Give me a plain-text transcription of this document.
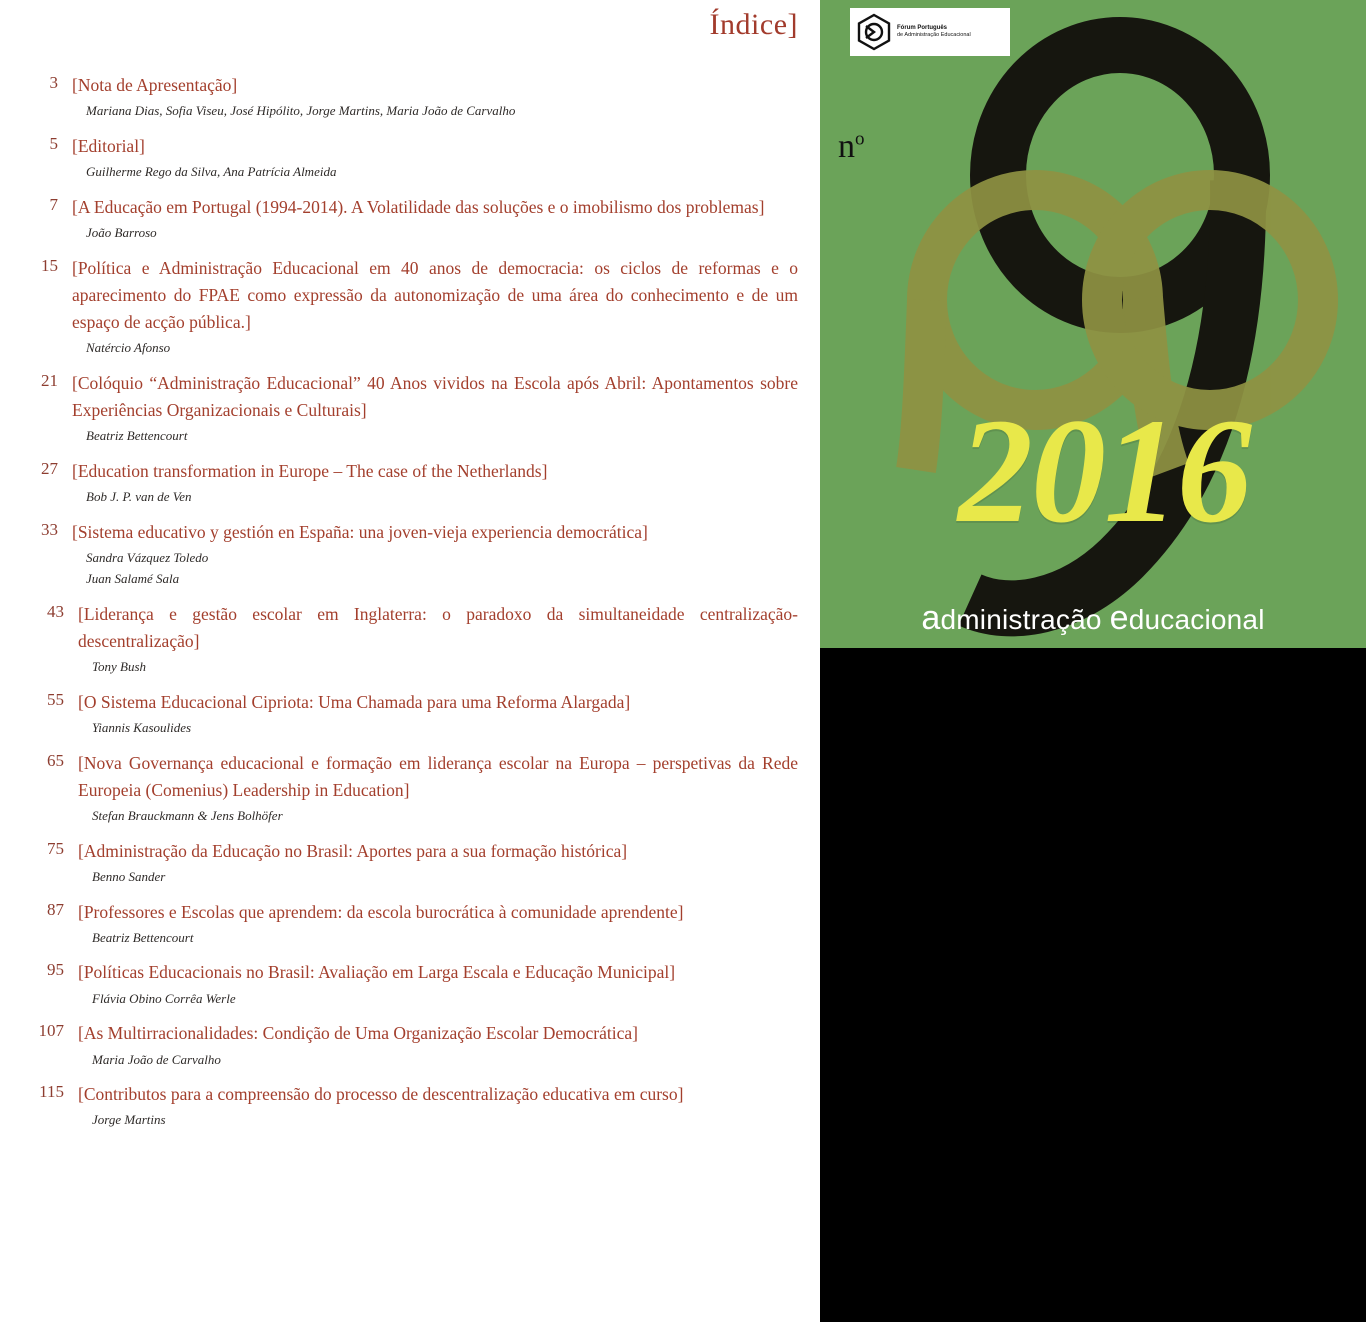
Índice]
3 [Nota de Apresentação]
Mariana Dias, Sofia Viseu, José Hipólito, Jorge Martins, Maria João de Carvalho
5 [Editorial]
Guilherme Rego da Silva, Ana Patrícia Almeida
7 [A Educação em Portugal (1994-2014). A Volatilidade das soluções e o imobilismo dos problemas]
João Barroso
15 [Política e Administração Educacional em 40 anos de democracia: os ciclos de reformas e o aparecimento do FPAE como expressão da autonomização de uma área do conhecimento e de um espaço de acção pública.]
Natércio Afonso
21 [Colóquio “Administração Educacional” 40 Anos vividos na Escola após Abril: Apontamentos sobre Experiências Organizacionais e Culturais]
Beatriz Bettencourt
27 [Education transformation in Europe – The case of the Netherlands]
Bob J. P. van de Ven
33 [Sistema educativo y gestión en España: una joven-vieja experiencia democrática]
Sandra Vázquez Toledo
Juan Salamé Sala
43 [Liderança e gestão escolar em Inglaterra: o paradoxo da simultaneidade centralização-descentralização]
Tony Bush
55 [O Sistema Educacional Cipriota: Uma Chamada para uma Reforma Alargada]
Yiannis Kasoulides
65 [Nova Governança educacional e formação em liderança escolar na Europa – perspetivas da Rede Europeia (Comenius) Leadership in Education]
Stefan Brauckmann & Jens Bolhöfer
75 [Administração da Educação no Brasil: Aportes para a sua formação histórica]
Benno Sander
87 [Professores e Escolas que aprendem: da escola burocrática à comunidade aprendente]
Beatriz Bettencourt
95 [Políticas Educacionais no Brasil: Avaliação em Larga Escala e Educação Municipal]
Flávia Obino Corrêa Werle
107 [As Multirracionalidades: Condição de Uma Organização Escolar Democrática]
Maria João de Carvalho
115 [Contributos para a compreensão do processo de descentralização educativa em curso]
Jorge Martins
Fórum Português
de Administração Educacional
$n^o$
2016
administração educacional
